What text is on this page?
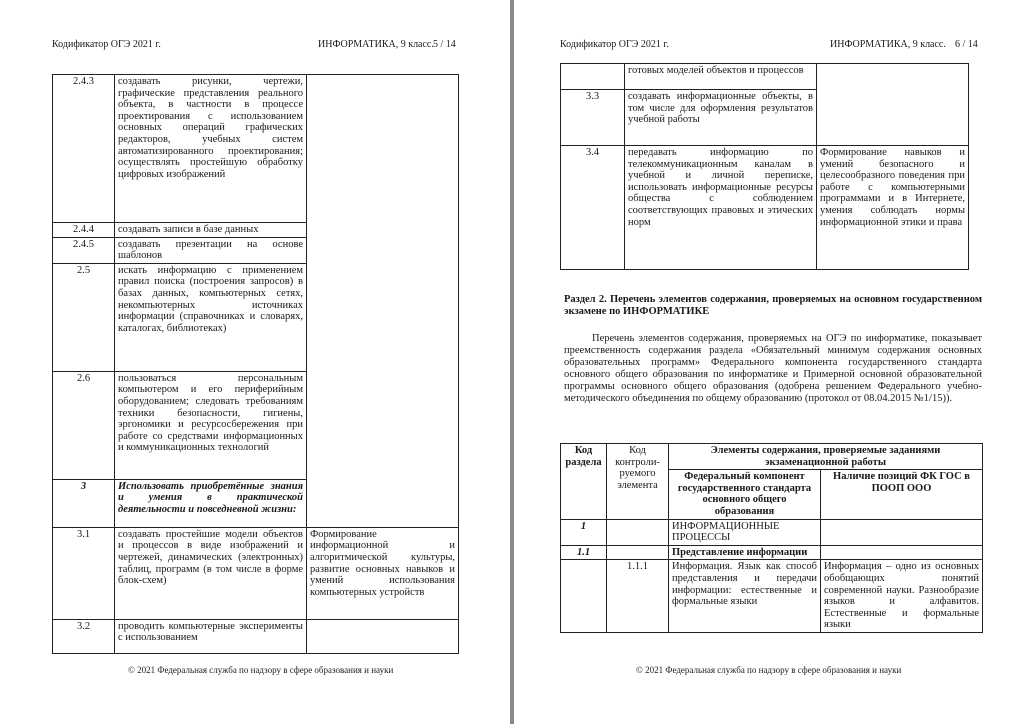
Кодификатор ОГЭ 2021 г.	ИНФОРМАТИКА, 9 класс. 5 / 14
2.4.3	создавать рисунки, чертежи, графические представления реального объекта, в частности в процессе проектирования с использованием основных операций графических редакторов, учебных систем автоматизированного проектирования; осуществлять простейшую обработку цифровых изображений	
2.4.4	создавать записи в базе данных	
2.4.5	создавать презентации на основе шаблонов	
2.5	искать информацию с применением правил поиска (построения запросов) в базах данных, компьютерных сетях, некомпьютерных источниках информации (справочниках и словарях, каталогах, библиотеках)	
2.6	пользоваться персональным компьютером и его периферийным оборудованием; следовать требованиям техники безопасности, гигиены, эргономики и ресурсосбережения при работе со средствами информационных и коммуникационных технологий	
3	Использовать приобретённые знания и умения в практической деятельности и повседневной жизни:	
3.1	создавать простейшие модели объектов и процессов в виде изображений и чертежей, динамических (электронных) таблиц, программ (в том числе в форме блок-схем)	Формирование информационной и алгоритмической культуры, развитие основных навыков и умений использования компьютерных устройств
3.2	проводить компьютерные эксперименты с использованием	
© 2021 Федеральная служба по надзору в сфере образования и науки
Кодификатор ОГЭ 2021 г.	ИНФОРМАТИКА, 9 класс. 6 / 14
	готовых моделей объектов и процессов	
3.3	создавать информационные объекты, в том числе для оформления результатов учебной работы	
3.4	передавать информацию по телекоммуникационным каналам в учебной и личной переписке, использовать информационные ресурсы общества с соблюдением соответствующих правовых и этических норм	Формирование навыков и умений безопасного и целесообразного поведения при работе с компьютерными программами и в Интернете, умения соблюдать нормы информационной этики и права
Раздел 2. Перечень элементов содержания, проверяемых на основном государственном экзамене по ИНФОРМАТИКЕ
Перечень элементов содержания, проверяемых на ОГЭ по информатике, показывает преемственность содержания раздела «Обязательный минимум содержания основных образовательных программ» Федерального компонента государственного стандарта основного общего образования по информатике и Примерной основной образовательной программы основного общего образования (одобрена решением Федерального учебно-методического объединения по общему образованию (протокол от 08.04.2015 №1/15)).
Код раздела	Код контроли-руемого элемента	Элементы содержания, проверяемые заданиями экзаменационной работы	
		Федеральный компонент государственного стандарта основного общего образования	Наличие позиций ФК ГОС в ПООП ООО
1		ИНФОРМАЦИОННЫЕ ПРОЦЕССЫ	
1.1		Представление информации	
	1.1.1	Информация. Язык как способ представления и передачи информации: естественные и формальные языки	Информация – одно из основных обобщающих понятий современной науки. Разнообразие языков и алфавитов. Естественные и формальные языки
© 2021 Федеральная служба по надзору в сфере образования и науки
